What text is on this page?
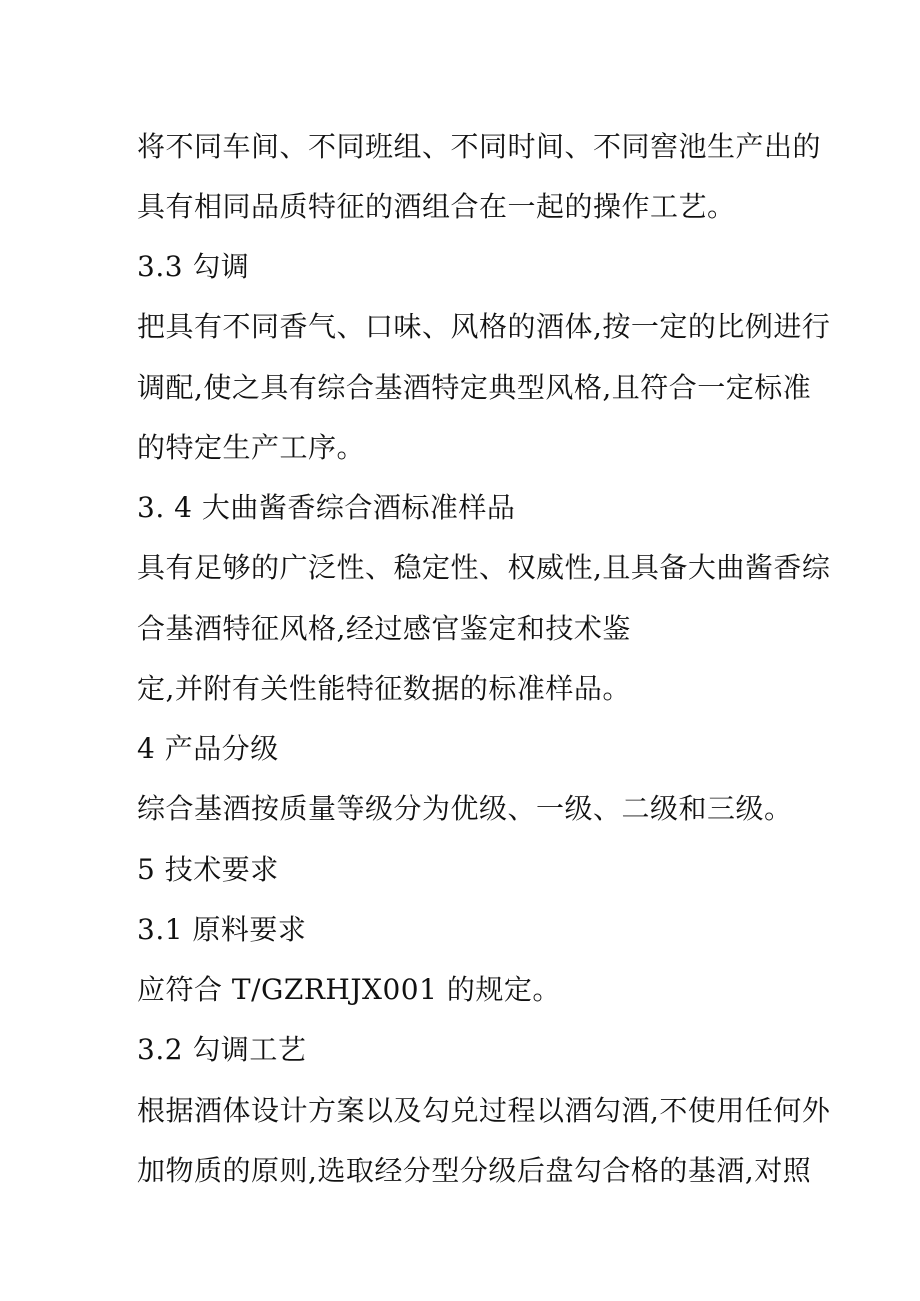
将不同车间、不同班组、不同时间、不同窖池生产出的
具有相同品质特征的酒组合在一起的操作工艺。
3.3 勾调
把具有不同香气、口味、风格的酒体,按一定的比例进行
调配,使之具有综合基酒特定典型风格,且符合一定标准
的特定生产工序。
3. 4 大曲酱香综合酒标准样品
具有足够的广泛性、稳定性、权威性,且具备大曲酱香综
合基酒特征风格,经过感官鉴定和技术鉴
定,并附有关性能特征数据的标准样品。
4 产品分级
综合基酒按质量等级分为优级、一级、二级和三级。
5 技术要求
3.1 原料要求
应符合 T/GZRHJX001 的规定。
3.2 勾调工艺
根据酒体设计方案以及勾兑过程以酒勾酒,不使用任何外
加物质的原则,选取经分型分级后盘勾合格的基酒,对照
